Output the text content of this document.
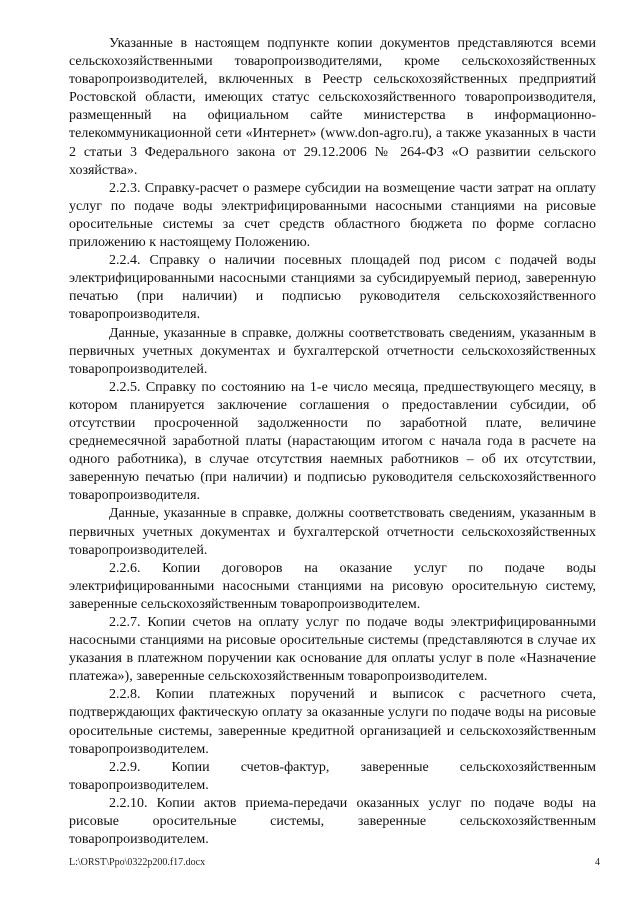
Указанные в настоящем подпункте копии документов представляются всеми сельскохозяйственными товаропроизводителями, кроме сельскохозяйственных товаропроизводителей, включенных в Реестр сельскохозяйственных предприятий Ростовской области, имеющих статус сельскохозяйственного товаропроизводителя, размещенный на официальном сайте министерства в информационно-телекоммуникационной сети «Интернет» (www.don-agro.ru), а также указанных в части 2 статьи 3 Федерального закона от 29.12.2006 № 264-ФЗ «О развитии сельского хозяйства».

2.2.3. Справку-расчет о размере субсидии на возмещение части затрат на оплату услуг по подаче воды электрифицированными насосными станциями на рисовые оросительные системы за счет средств областного бюджета по форме согласно приложению к настоящему Положению.

2.2.4. Справку о наличии посевных площадей под рисом с подачей воды электрифицированными насосными станциями за субсидируемый период, заверенную печатью (при наличии) и подписью руководителя сельскохозяйственного товаропроизводителя.

Данные, указанные в справке, должны соответствовать сведениям, указанным в первичных учетных документах и бухгалтерской отчетности сельскохозяйственных товаропроизводителей.

2.2.5. Справку по состоянию на 1-е число месяца, предшествующего месяцу, в котором планируется заключение соглашения о предоставлении субсидии, об отсутствии просроченной задолженности по заработной плате, величине среднемесячной заработной платы (нарастающим итогом с начала года в расчете на одного работника), в случае отсутствия наемных работников – об их отсутствии, заверенную печатью (при наличии) и подписью руководителя сельскохозяйственного товаропроизводителя.

Данные, указанные в справке, должны соответствовать сведениям, указанным в первичных учетных документах и бухгалтерской отчетности сельскохозяйственных товаропроизводителей.

2.2.6. Копии договоров на оказание услуг по подаче воды электрифицированными насосными станциями на рисовую оросительную систему, заверенные сельскохозяйственным товаропроизводителем.

2.2.7. Копии счетов на оплату услуг по подаче воды электрифицированными насосными станциями на рисовые оросительные системы (представляются в случае их указания в платежном поручении как основание для оплаты услуг в поле «Назначение платежа»), заверенные сельскохозяйственным товаропроизводителем.

2.2.8. Копии платежных поручений и выписок с расчетного счета, подтверждающих фактическую оплату за оказанные услуги по подаче воды на рисовые оросительные системы, заверенные кредитной организацией и сельскохозяйственным товаропроизводителем.

2.2.9. Копии счетов-фактур, заверенные сельскохозяйственным товаропроизводителем.

2.2.10. Копии актов приема-передачи оказанных услуг по подаче воды на рисовые оросительные системы, заверенные сельскохозяйственным товаропроизводителем.

L:\ORST\Ppo\0322p200.f17.docx	4
